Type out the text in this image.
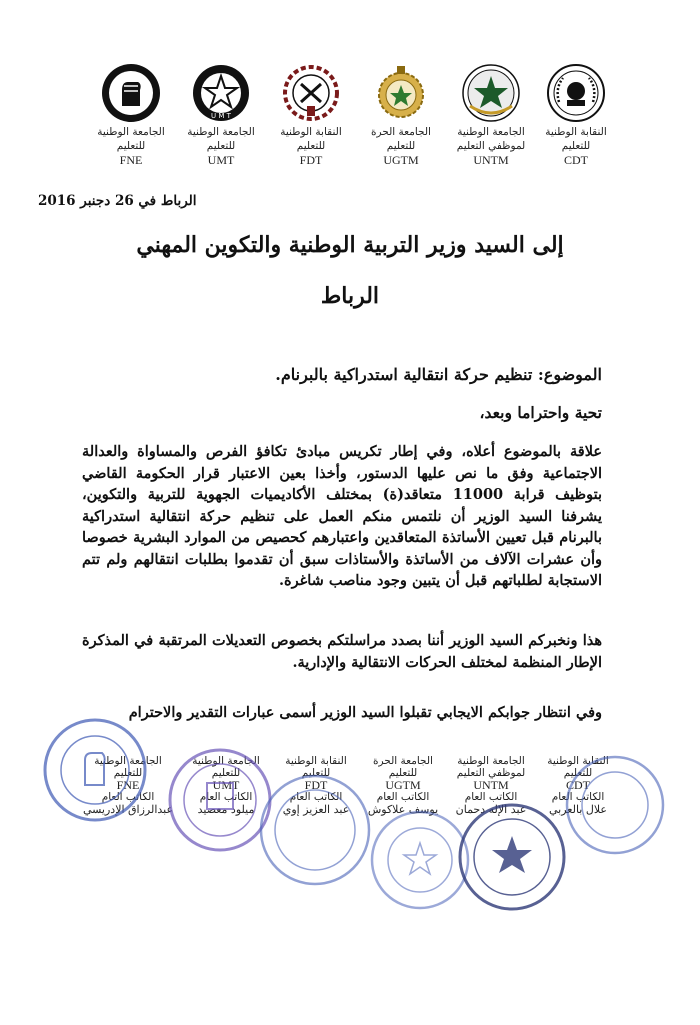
النقابة الوطنية
للتعليم
CDT
الجامعة الوطنية
لموظفي التعليم
UNTM
الجامعة الحرة
للتعليم
UGTM
النقابة الوطنية
للتعليم
FDT
U M T
الجامعة الوطنية
للتعليم
UMT
الجامعة الوطنية
للتعليم
FNE
الرباط في 26 دجنبر 2016
إلى السيد وزير التربية الوطنية والتكوين المهني
الرباط
الموضوع: تنظيم حركة انتقالية استدراكية بالبرنام.
تحية واحتراما وبعد،
علاقة بالموضوع أعلاه، وفي إطار تكريس مبادئ تكافؤ الفرص والمساواة والعدالة الاجتماعية وفق ما نص عليها الدستور، وأخذا بعين الاعتبار قرار الحكومة القاضي بتوظيف قرابة 11000 متعاقد(ة) بمختلف الأكاديميات الجهوية للتربية والتكوين، يشرفنا السيد الوزير أن نلتمس منكم العمل على تنظيم حركة انتقالية استدراكية بالبرنام قبل تعيين الأساتذة المتعاقدين واعتبارهم كحصيص من الموارد البشرية خصوصا وأن عشرات الآلاف من الأساتذة والأستاذات سبق أن تقدموا بطلبات انتقالهم ولم تتم الاستجابة لطلباتهم قبل أن يتبين وجود مناصب شاغرة.
هذا ونخبركم السيد الوزير أننا بصدد مراسلتكم بخصوص التعديلات المرتقبة في المذكرة الإطار المنظمة لمختلف الحركات الانتقالية والإدارية.
وفي انتظار جوابكم الايجابي تقبلوا السيد الوزير أسمى عبارات التقدير والاحترام
النقابة الوطنية
للتعليم
CDT
الكاتب العام
علال بالعربي
الجامعة الوطنية
لموظفي التعليم
UNTM
الكاتب العام
عبد الإله دحمان
الجامعة الحرة
للتعليم
UGTM
الكاتب العام
يوسف علاكوش
النقابة الوطنية
للتعليم
FDT
الكاتب العام
عبد العزيز إوي
الجامعة الوطنية
للتعليم
UMT
الكاتب العام
ميلود معصيد
الجامعة الوطنية
للتعليم
FNE
الكاتب العام
عبدالرزاق الإدريسي
